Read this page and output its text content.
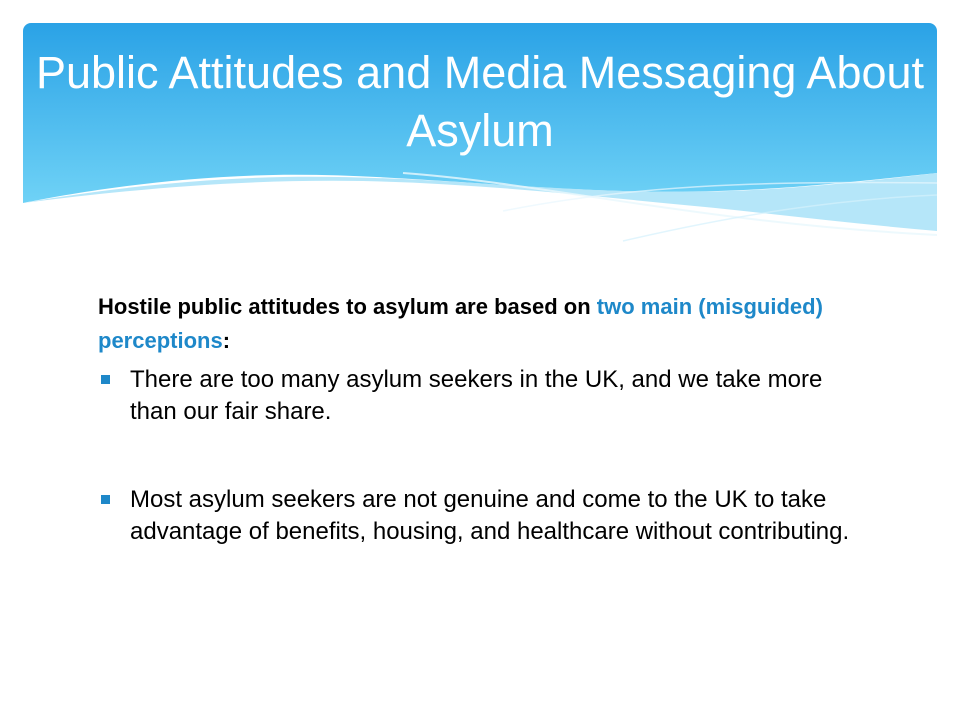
Public Attitudes and Media Messaging About Asylum

Hostile public attitudes to asylum are based on two main (misguided) perceptions:

There are too many asylum seekers in the UK, and we take more than our fair share.

Most asylum seekers are not genuine and come to the UK to take advantage of benefits, housing, and healthcare without contributing.
